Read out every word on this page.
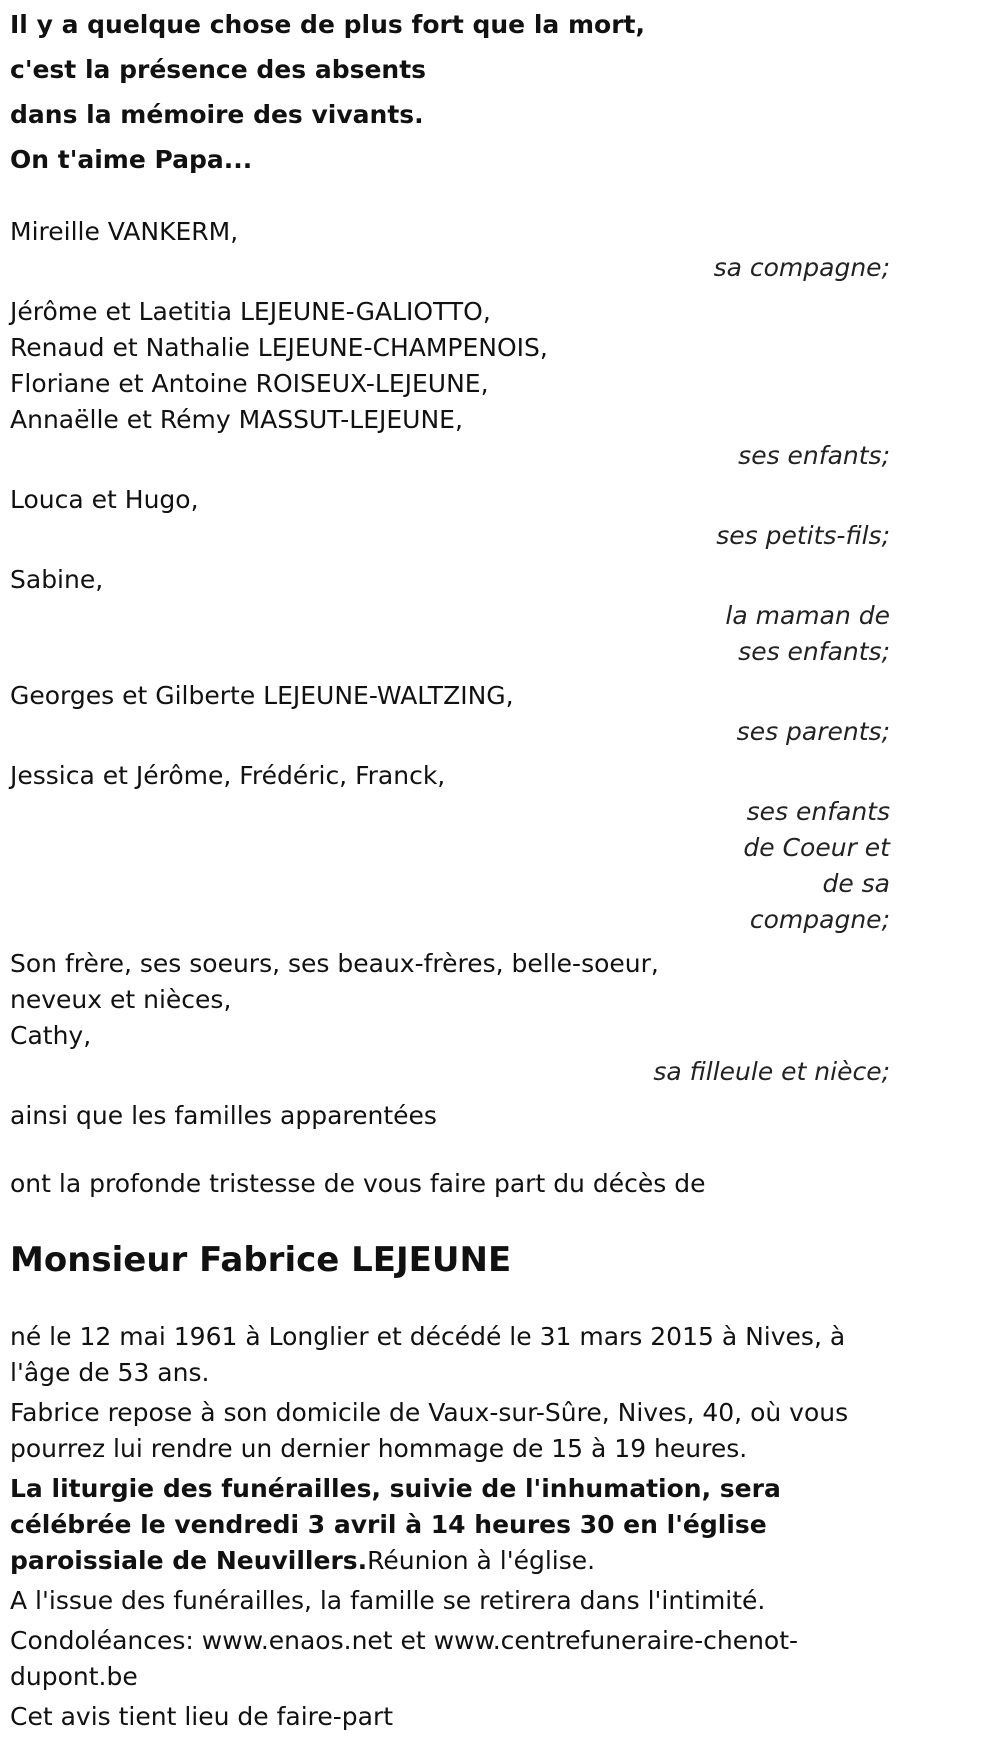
Il y a quelque chose de plus fort que la mort,
c'est la présence des absents
dans la mémoire des vivants.
On t'aime Papa...
Mireille VANKERM,
sa compagne;
Jérôme et Laetitia LEJEUNE-GALIOTTO,
Renaud et Nathalie LEJEUNE-CHAMPENOIS,
Floriane et Antoine ROISEUX-LEJEUNE,
Annaëlle et Rémy MASSUT-LEJEUNE,
ses enfants;
Louca et Hugo,
ses petits-fils;
Sabine,
la maman de ses enfants;
Georges et Gilberte LEJEUNE-WALTZING,
ses parents;
Jessica et Jérôme, Frédéric, Franck,
ses enfants de Coeur et de sa compagne;
Son frère, ses soeurs, ses beaux-frères, belle-soeur,
neveux et nièces,
Cathy,
sa filleule et nièce;
ainsi que les familles apparentées
ont la profonde tristesse de vous faire part du décès de
Monsieur Fabrice LEJEUNE
né le 12 mai 1961 à Longlier et décédé le 31 mars 2015 à Nives, à l'âge de 53 ans.
Fabrice repose à son domicile de Vaux-sur-Sûre, Nives, 40, où vous pourrez lui rendre un dernier hommage de 15 à 19 heures.
La liturgie des funérailles, suivie de l'inhumation, sera célébrée le vendredi 3 avril à 14 heures 30 en l'église paroissiale de Neuvillers.Réunion à l'église.
A l'issue des funérailles, la famille se retirera dans l'intimité.
Condoléances: www.enaos.net et www.centrefuneraire-chenot-dupont.be
Cet avis tient lieu de faire-part
